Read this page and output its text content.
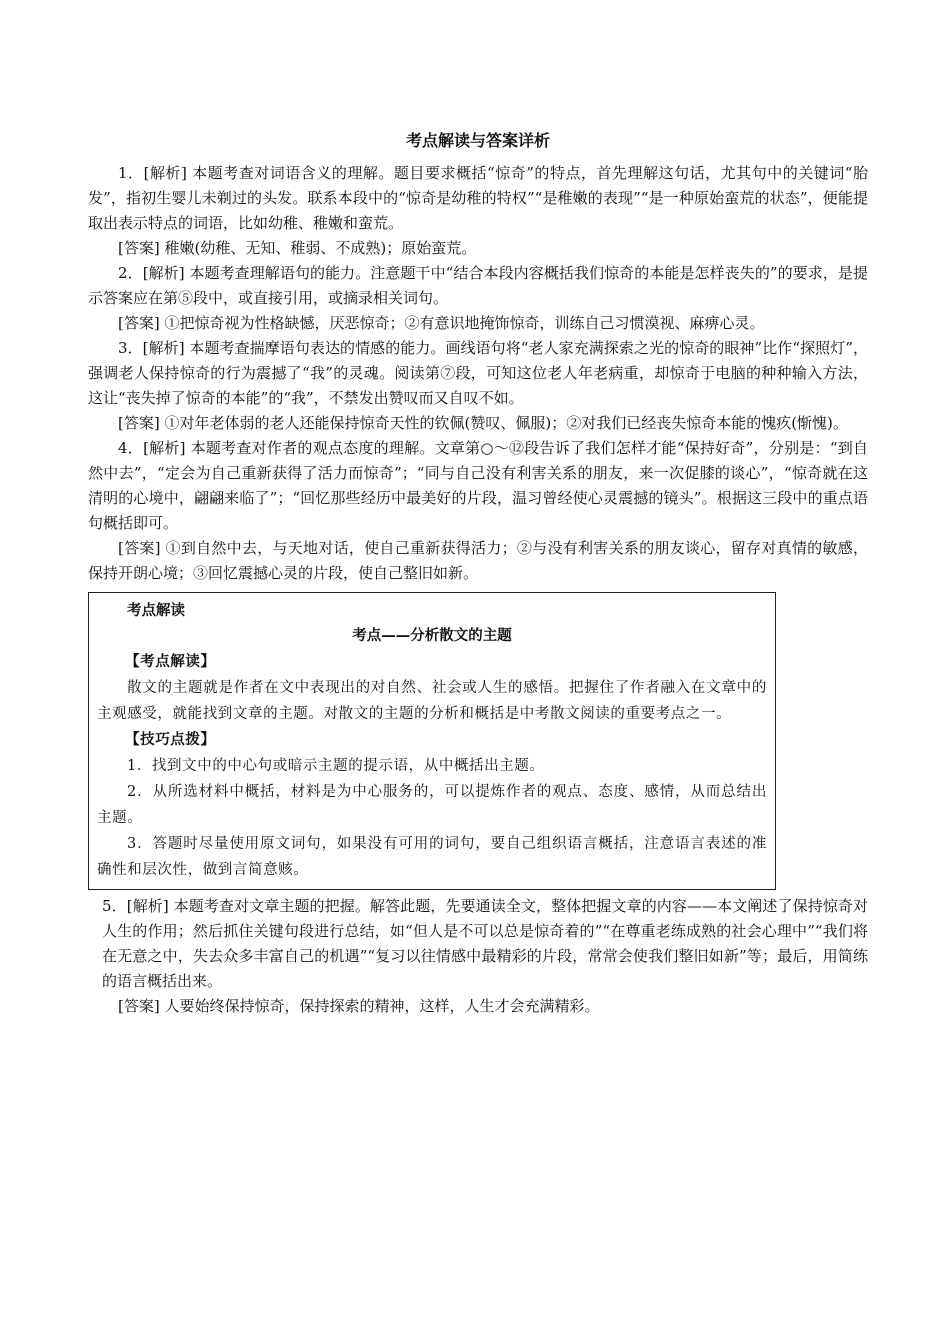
考点解读与答案详析

1．[解析] 本题考查对词语含义的理解。题目要求概括“惊奇”的特点，首先理解这句话，尤其句中的关键词“胎发”，指初生婴儿未剃过的头发。联系本段中的“惊奇是幼稚的特权”“是稚嫩的表现”“是一种原始蛮荒的状态”，便能提取出表示特点的词语，比如幼稚、稚嫩和蛮荒。

[答案] 稚嫩(幼稚、无知、稚弱、不成熟)；原始蛮荒。

2．[解析] 本题考查理解语句的能力。注意题干中“结合本段内容概括我们惊奇的本能是怎样丧失的”的要求，是提示答案应在第⑤段中，或直接引用，或摘录相关词句。

[答案] ①把惊奇视为性格缺憾，厌恶惊奇；②有意识地掩饰惊奇，训练自己习惯漠视、麻痹心灵。

3．[解析] 本题考查揣摩语句表达的情感的能力。画线语句将“老人家充满探索之光的惊奇的眼神”比作“探照灯”，强调老人保持惊奇的行为震撼了“我”的灵魂。阅读第⑦段，可知这位老人年老病重，却惊奇于电脑的种种输入方法，这让“丧失掉了惊奇的本能”的“我”，不禁发出赞叹而又自叹不如。

[答案] ①对年老体弱的老人还能保持惊奇天性的钦佩(赞叹、佩服)；②对我们已经丧失惊奇本能的愧疚(惭愧)。

4．[解析] 本题考查对作者的观点态度的理解。文章第○～⑫段告诉了我们怎样才能“保持好奇”，分别是：“到自然中去”，“定会为自己重新获得了活力而惊奇”；“同与自己没有利害关系的朋友，来一次促膝的谈心”，“惊奇就在这清明的心境中，翩翩来临了”；“回忆那些经历中最美好的片段，温习曾经使心灵震撼的镜头”。根据这三段中的重点语句概括即可。

[答案] ①到自然中去，与天地对话，使自己重新获得活力；②与没有利害关系的朋友谈心，留存对真情的敏感，保持开朗心境；③回忆震撼心灵的片段，使自己整旧如新。

考点解读
考点——分析散文的主题

【考点解读】

散文的主题就是作者在文中表现出的对自然、社会或人生的感悟。把握住了作者融入在文章中的主观感受，就能找到文章的主题。对散文的主题的分析和概括是中考散文阅读的重要考点之一。

【技巧点拨】

1．找到文中的中心句或暗示主题的提示语，从中概括出主题。

2．从所选材料中概括，材料是为中心服务的，可以提炼作者的观点、态度、感情，从而总结出主题。

3．答题时尽量使用原文词句，如果没有可用的词句，要自己组织语言概括，注意语言表述的准确性和层次性，做到言简意赅。

5．[解析] 本题考查对文章主题的把握。解答此题，先要通读全文，整体把握文章的内容——本文阐述了保持惊奇对人生的作用；然后抓住关键句段进行总结，如“但人是不可以总是惊奇着的”“在尊重老练成熟的社会心理中”“我们将在无意之中，失去众多丰富自己的机遇”“复习以往情感中最精彩的片段，常常会使我们整旧如新”等；最后，用简练的语言概括出来。

[答案] 人要始终保持惊奇，保持探索的精神，这样，人生才会充满精彩。
